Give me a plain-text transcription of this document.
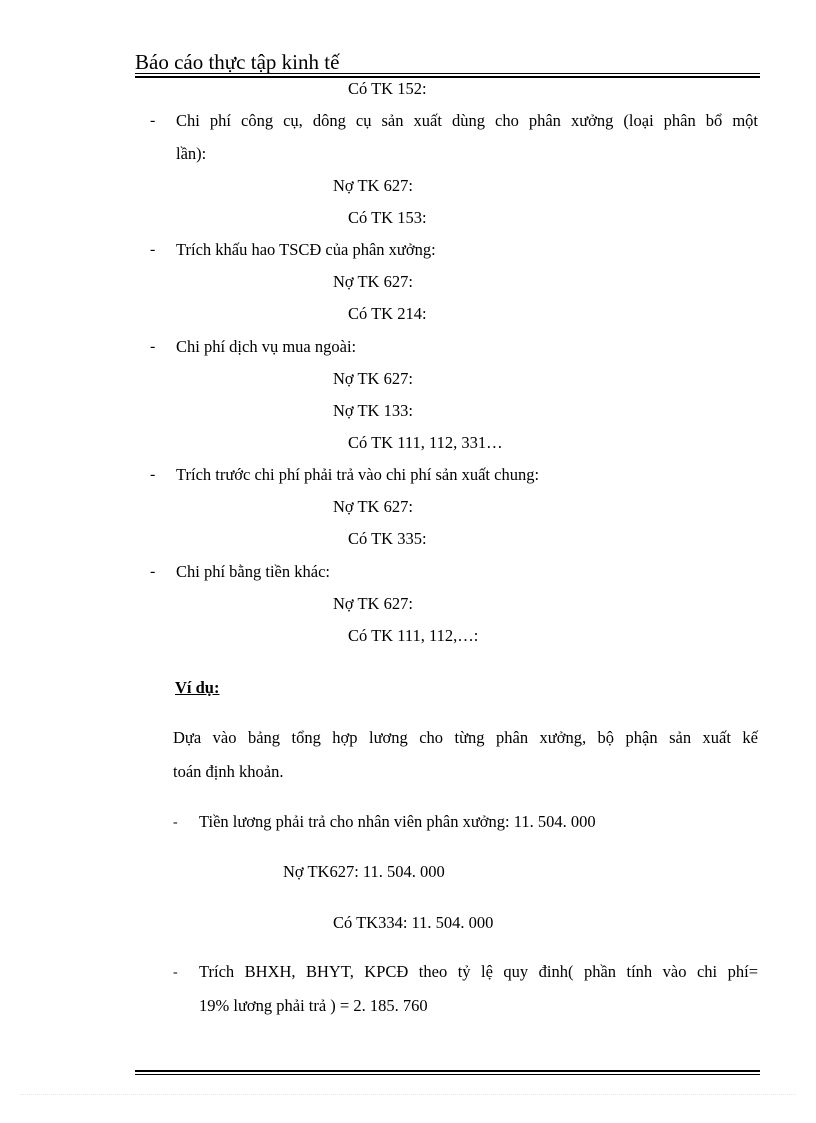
Báo cáo thực tập kinh tế
Có TK 152:
- Chi phí công cụ, dông cụ sản xuất dùng cho phân xưởng (loại phân bổ một
lần):
Nợ TK 627:
Có TK 153:
- Trích khấu hao TSCĐ của phân xưởng:
Nợ TK 627:
Có TK 214:
- Chi phí dịch vụ mua ngoài:
Nợ TK 627:
Nợ TK 133:
Có TK 111, 112, 331…
- Trích trước chi phí phải trả vào chi phí sản xuất chung:
Nợ TK 627:
Có TK 335:
- Chi phí bằng tiền khác:
Nợ TK 627:
Có TK 111, 112,…:
Ví dụ:
Dựa vào bảng tổng hợp lương cho từng phân xưởng, bộ phận sản xuất kế
toán định khoản.
- Tiền lương phải trả cho nhân viên phân xưởng: 11. 504. 000
Nợ TK627: 11. 504. 000
Có TK334: 11. 504. 000
- Trích BHXH, BHYT, KPCĐ theo tỷ lệ quy đinh( phần tính vào chi phí=
19% lương phải trả ) = 2. 185. 760
